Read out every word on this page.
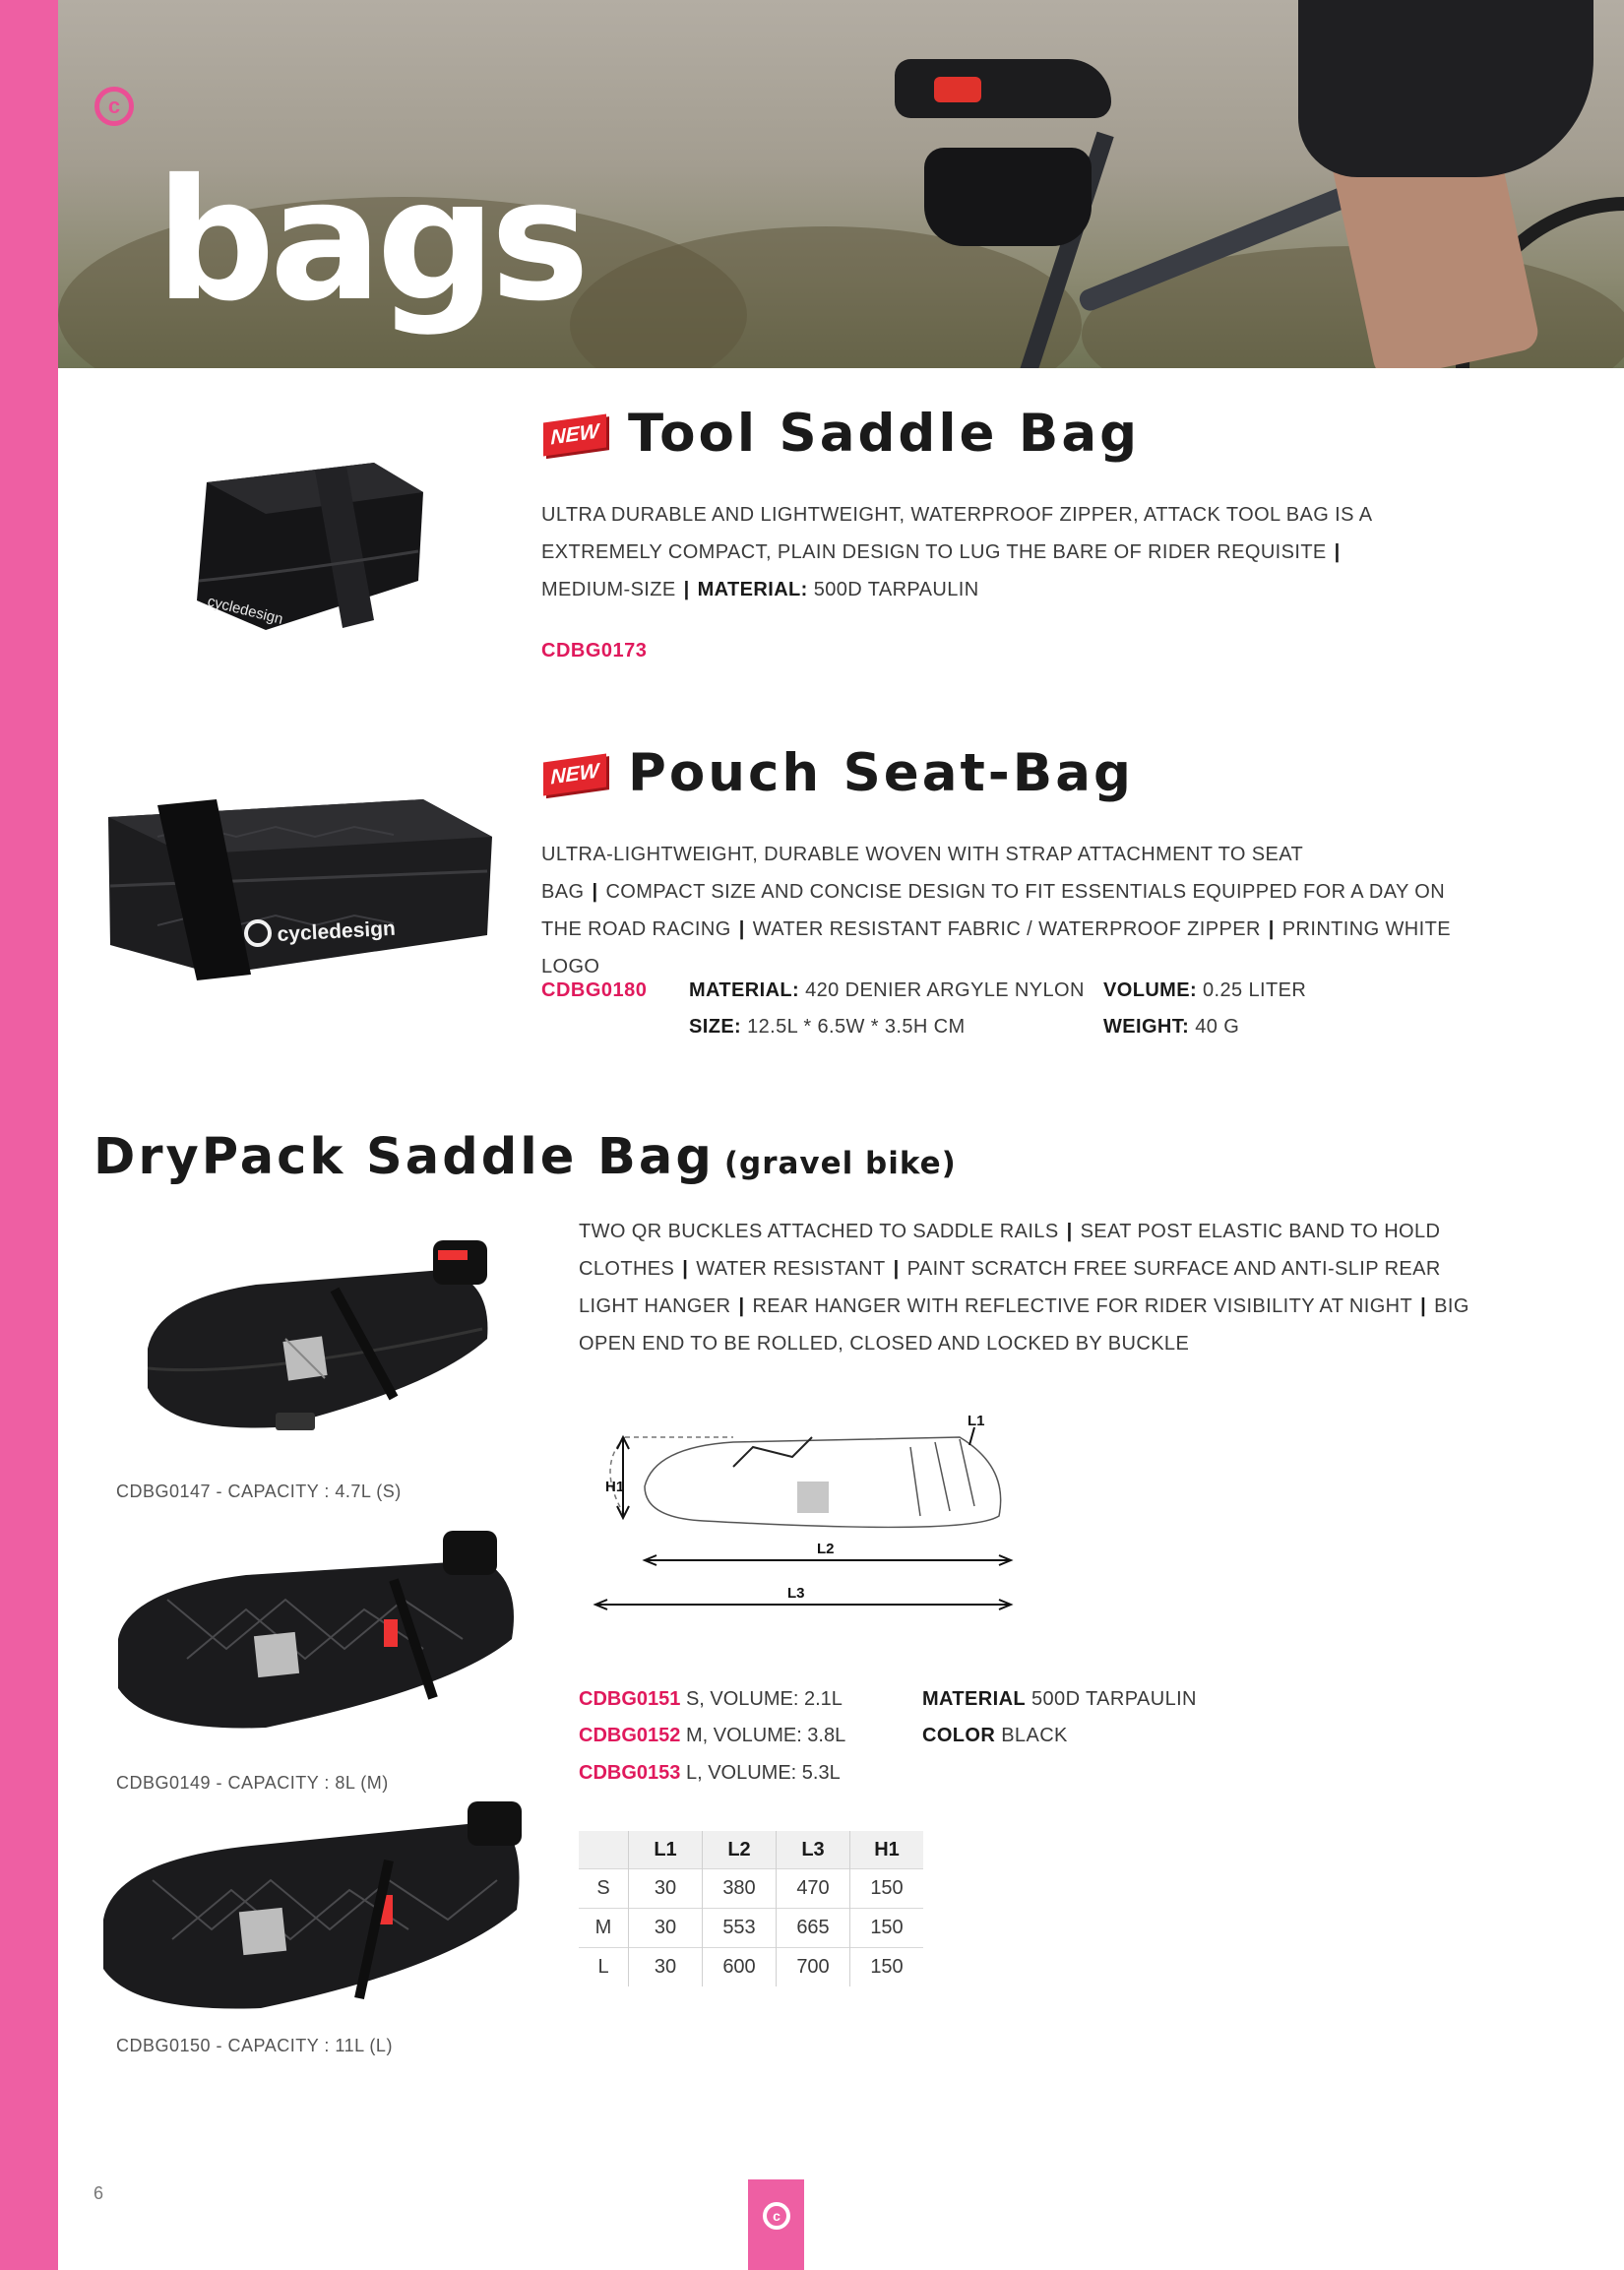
c
bags
cycledesign
NEW Tool Saddle Bag

ULTRA DURABLE AND LIGHTWEIGHT, WATERPROOF ZIPPER, ATTACK TOOL BAG IS A EXTREMELY COMPACT, PLAIN DESIGN TO LUG THE BARE OF RIDER REQUISITE |
MEDIUM-SIZE | MATERIAL: 500D TARPAULIN

CDBG0173

cycledesign
NEW Pouch Seat-Bag

ULTRA-LIGHTWEIGHT, DURABLE WOVEN WITH STRAP ATTACHMENT TO SEAT BAG | COMPACT SIZE AND CONCISE DESIGN TO FIT ESSENTIALS EQUIPPED FOR A DAY ON THE ROAD RACING | WATER RESISTANT FABRIC / WATERPROOF ZIPPER | PRINTING WHITE LOGO

CDBG0180 MATERIAL: 420 DENIER ARGYLE NYLON VOLUME: 0.25 LITER

SIZE: 12.5L * 6.5W * 3.5H CM	WEIGHT: 40 G

DryPack Saddle Bag (gravel bike)

TWO QR BUCKLES ATTACHED TO SADDLE RAILS | SEAT POST ELASTIC BAND TO HOLD CLOTHES | WATER RESISTANT | PAINT SCRATCH FREE SURFACE AND ANTI-SLIP REAR LIGHT HANGER | REAR HANGER WITH REFLECTIVE FOR RIDER VISIBILITY AT NIGHT | BIG OPEN END TO BE ROLLED, CLOSED AND LOCKED BY BUCKLE

CDBG0147 - CAPACITY : 4.7L (S)

CDBG0149 - CAPACITY : 8L (M)

CDBG0150 - CAPACITY : 11L (L)

H1
L1
L2
L3

CDBG0151 S, VOLUME: 2.1L

CDBG0152 M, VOLUME: 3.8L

CDBG0153 L, VOLUME: 5.3L

MATERIAL 500D TARPAULIN

COLOR BLACK

	L1	L2	L3	H1
S	30	380	470	150
M	30	553	665	150
L	30	600	700	150

6

c
